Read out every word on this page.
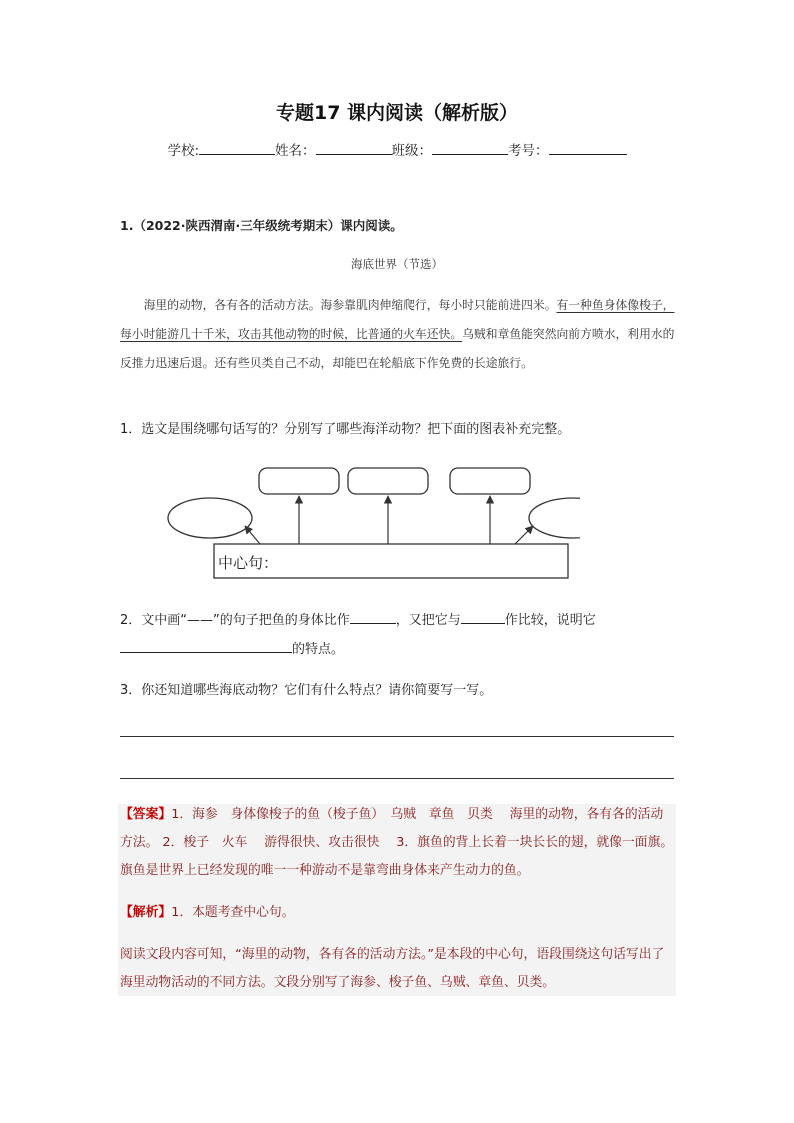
专题17 课内阅读（解析版）
学校:	姓名：	班级：	考号：
1.（2022·陕西渭南·三年级统考期末）课内阅读。
海底世界（节选）
　　海里的动物，各有各的活动方法。海参靠肌肉伸缩爬行，每小时只能前进四米。有一种鱼身体像梭子，每小时能游几十千米，攻击其他动物的时候，比普通的火车还快。乌贼和章鱼能突然向前方喷水，利用水的反推力迅速后退。还有些贝类自己不动，却能巴在轮船底下作免费的长途旅行。
1．选文是围绕哪句话写的？分别写了哪些海洋动物？把下面的图表补充完整。
中心句：
2．文中画“——”的句子把鱼的身体比作	，又把它与	作比较，说明它
的特点。
3．你还知道哪些海底动物？它们有什么特点？请你简要写一写。
【答案】1．海参　身体像梭子的鱼（梭子鱼）　乌贼　章鱼　贝类　 海里的动物，各有各的活动方法。 2．梭子　火车　 游得很快、攻击很快　 3．旗鱼的背上长着一块长长的翅，就像一面旗。旗鱼是世界上已经发现的唯一一种游动不是靠弯曲身体来产生动力的鱼。
【解析】1．本题考查中心句。
阅读文段内容可知，“海里的动物，各有各的活动方法。”是本段的中心句，语段围绕这句话写出了海里动物活动的不同方法。文段分别写了海参、梭子鱼、乌贼、章鱼、贝类。
